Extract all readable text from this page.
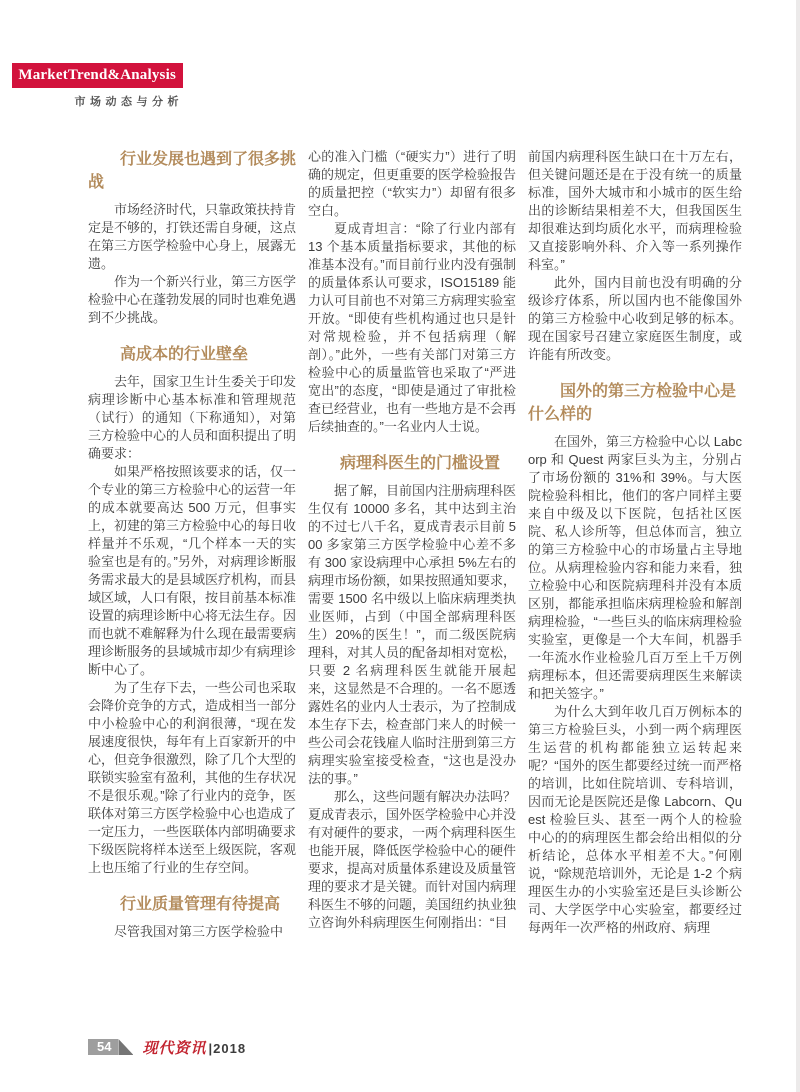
MarketTrend&Analysis
市场动态与分析
行业发展也遇到了很多挑战

市场经济时代，只靠政策扶持肯定是不够的，打铁还需自身硬，这点在第三方医学检验中心身上，展露无遗。

作为一个新兴行业，第三方医学检验中心在蓬勃发展的同时也难免遇到不少挑战。

高成本的行业壁垒

去年，国家卫生计生委关于印发病理诊断中心基本标准和管理规范（试行）的通知（下称通知），对第三方检验中心的人员和面积提出了明确要求：

如果严格按照该要求的话，仅一个专业的第三方检验中心的运营一年的成本就要高达 500 万元，但事实上，初建的第三方检验中心的每日收样量并不乐观，“几个样本一天的实验室也是有的。”另外，对病理诊断服务需求最大的是县域医疗机构，而县域区域，人口有限，按目前基本标准设置的病理诊断中心将无法生存。因而也就不难解释为什么现在最需要病理诊断服务的县域城市却少有病理诊断中心了。

为了生存下去，一些公司也采取会降价竞争的方式，造成相当一部分中小检验中心的利润很薄，“现在发展速度很快，每年有上百家新开的中心，但竞争很激烈，除了几个大型的联锁实验室有盈利，其他的生存状况不是很乐观。”除了行业内的竞争，医联体对第三方医学检验中心也造成了一定压力，一些医联体内部明确要求下级医院将样本送至上级医院，客观上也压缩了行业的生存空间。

行业质量管理有待提高

尽管我国对第三方医学检验中

心的准入门槛（“硬实力”）进行了明确的规定，但更重要的医学检验报告的质量把控（“软实力”）却留有很多空白。

夏成青坦言：“除了行业内部有 13 个基本质量指标要求，其他的标准基本没有。”而目前行业内没有强制的质量体系认可要求，ISO15189 能力认可目前也不对第三方病理实验室开放。“即使有些机构通过也只是针对常规检验，并不包括病理（解剖）。”此外，一些有关部门对第三方检验中心的质量监管也采取了“严进宽出”的态度，“即使是通过了审批检查已经营业，也有一些地方是不会再后续抽查的。”一名业内人士说。

病理科医生的门槛设置

据了解，目前国内注册病理科医生仅有 10000 多名，其中达到主治的不过七八千名，夏成青表示目前 500 多家第三方医学检验中心差不多有 300 家设病理中心承担 5%左右的病理市场份额，如果按照通知要求，需要 1500 名中级以上临床病理类执业医师，占到（中国全部病理科医生）20%的医生！”，而二级医院病理科，对其人员的配备却相对宽松，只要 2 名病理科医生就能开展起来，这显然是不合理的。一名不愿透露姓名的业内人士表示，为了控制成本生存下去，检查部门来人的时候一些公司会花钱雇人临时注册到第三方病理实验室接受检查，“这也是没办法的事。”

那么，这些问题有解决办法吗？夏成青表示，国外医学检验中心并没有对硬件的要求，一两个病理科医生也能开展，降低医学检验中心的硬件要求，提高对质量体系建设及质量管理的要求才是关键。而针对国内病理科医生不够的问题，美国纽约执业独立咨询外科病理医生何刚指出：“目

前国内病理科医生缺口在十万左右，但关键问题还是在于没有统一的质量标准，国外大城市和小城市的医生给出的诊断结果相差不大，但我国医生却很难达到均质化水平，而病理检验又直接影响外科、介入等一系列操作科室。”

此外，国内目前也没有明确的分级诊疗体系，所以国内也不能像国外的第三方检验中心收到足够的标本。现在国家号召建立家庭医生制度，或许能有所改变。

国外的第三方检验中心是什么样的

在国外，第三方检验中心以 Labcorp 和 Quest 两家巨头为主，分别占了市场份额的 31%和 39%。与大医院检验科相比，他们的客户同样主要来自中级及以下医院，包括社区医院、私人诊所等，但总体而言，独立的第三方检验中心的市场量占主导地位。从病理检验内容和能力来看，独立检验中心和医院病理科并没有本质区别，都能承担临床病理检验和解剖病理检验，“一些巨头的临床病理检验实验室，更像是一个大车间，机器手一年流水作业检验几百万至上千万例病理标本，但还需要病理医生来解读和把关签字。”

为什么大到年收几百万例标本的第三方检验巨头，小到一两个病理医生运营的机构都能独立运转起来呢？“国外的医生都要经过统一而严格的培训，比如住院培训、专科培训，因而无论是医院还是像 Labcorn、Quest 检验巨头、甚至一两个人的检验中心的的病理医生都会给出相似的分析结论，总体水平相差不大。”何刚说，“除规范培训外，无论是 1-2 个病理医生办的小实验室还是巨头诊断公司、大学医学中心实验室，都要经过每两年一次严格的州政府、病理

54	现代资讯 |2018
